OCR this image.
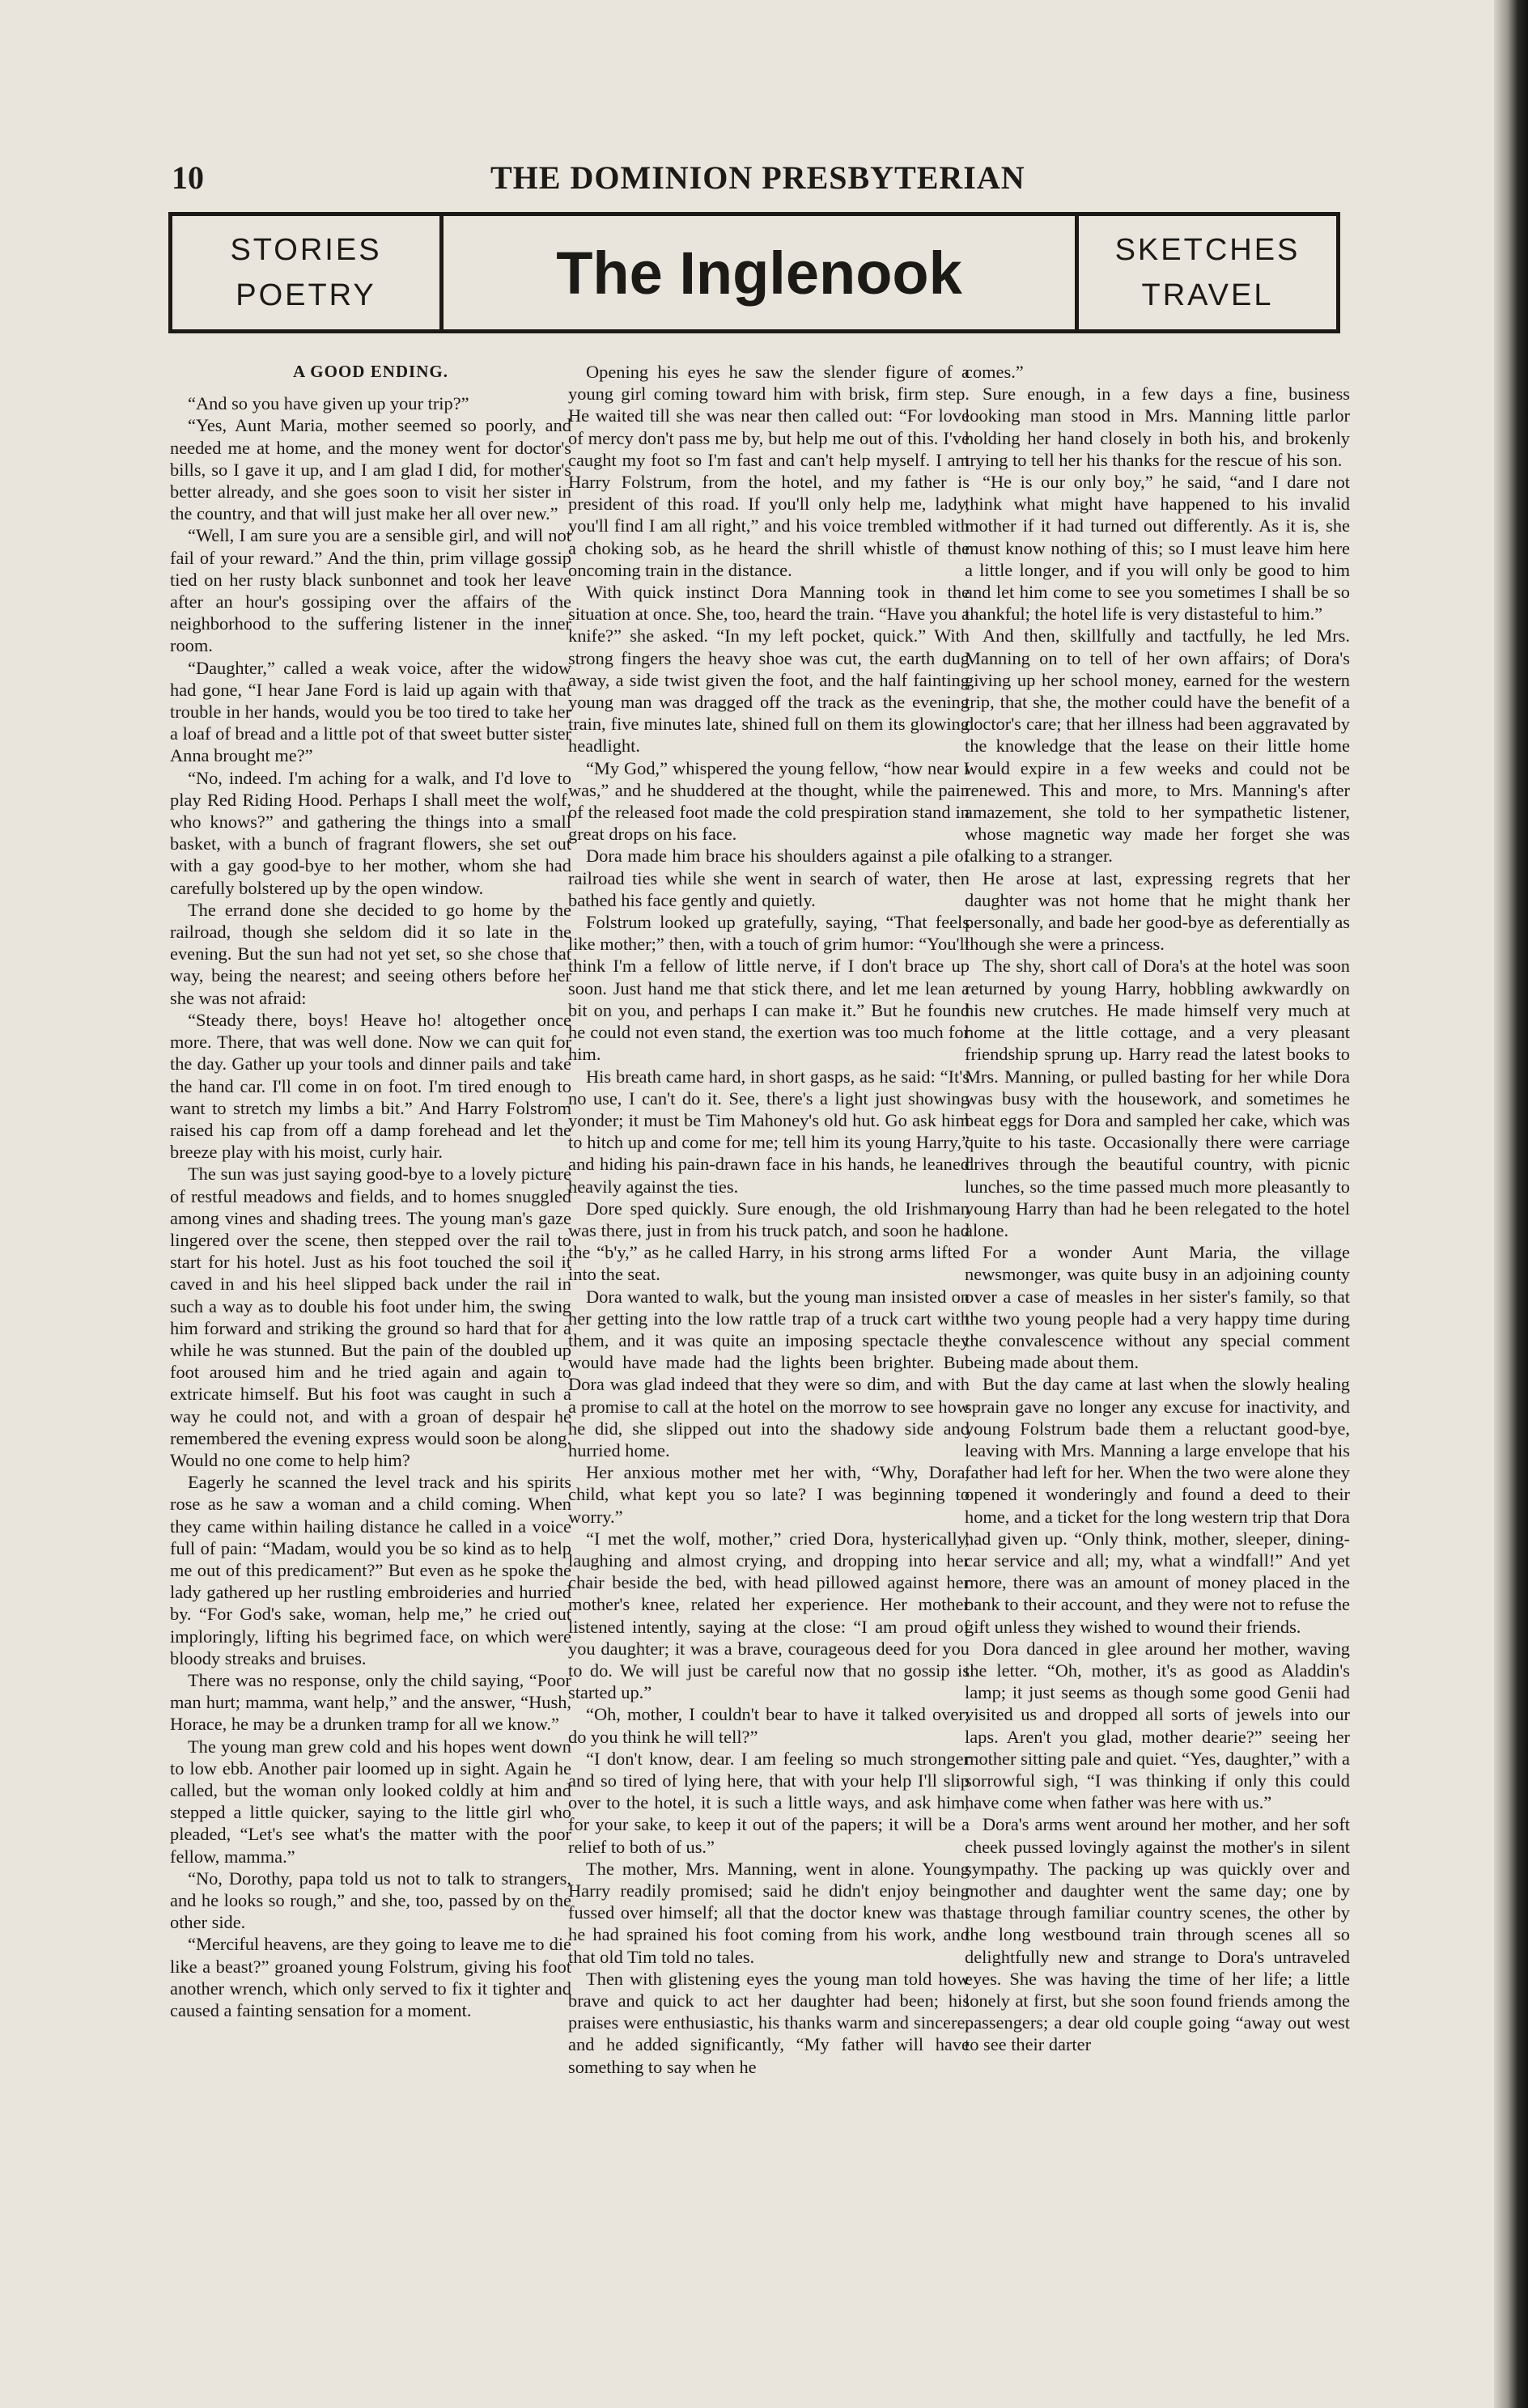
10	THE DOMINION PRESBYTERIAN
STORIES
POETRY	The Inglenook	SKETCHES
TRAVEL

A GOOD ENDING.

“And so you have given up your trip?”

“Yes, Aunt Maria, mother seemed so poorly, and needed me at home, and the money went for doctor's bills, so I gave it up, and I am glad I did, for mother's better already, and she goes soon to visit her sister in the country, and that will just make her all over new.”

“Well, I am sure you are a sensible girl, and will not fail of your reward.” And the thin, prim village gossip tied on her rusty black sunbonnet and took her leave after an hour's gossiping over the affairs of the neighborhood to the suffering listener in the inner room.

“Daughter,” called a weak voice, after the widow had gone, “I hear Jane Ford is laid up again with that trouble in her hands, would you be too tired to take her a loaf of bread and a little pot of that sweet butter sister Anna brought me?”

“No, indeed. I'm aching for a walk, and I'd love to play Red Riding Hood. Perhaps I shall meet the wolf, who knows?” and gathering the things into a small basket, with a bunch of fragrant flowers, she set out with a gay good-bye to her mother, whom she had carefully bolstered up by the open window.

The errand done she decided to go home by the railroad, though she seldom did it so late in the evening. But the sun had not yet set, so she chose that way, being the nearest; and seeing others before her she was not afraid:

“Steady there, boys! Heave ho! altogether once more. There, that was well done. Now we can quit for the day. Gather up your tools and dinner pails and take the hand car. I'll come in on foot. I'm tired enough to want to stretch my limbs a bit.” And Harry Folstrom raised his cap from off a damp forehead and let the breeze play with his moist, curly hair.

The sun was just saying good-bye to a lovely picture of restful meadows and fields, and to homes snuggled among vines and shading trees. The young man's gaze lingered over the scene, then stepped over the rail to start for his hotel. Just as his foot touched the soil it caved in and his heel slipped back under the rail in such a way as to double his foot under him, the swing him forward and striking the ground so hard that for a while he was stunned. But the pain of the doubled up foot aroused him and he tried again and again to extricate himself. But his foot was caught in such a way he could not, and with a groan of despair he remembered the evening express would soon be along. Would no one come to help him?

Eagerly he scanned the level track and his spirits rose as he saw a woman and a child coming. When they came within hailing distance he called in a voice full of pain: “Madam, would you be so kind as to help me out of this predicament?” But even as he spoke the lady gathered up her rustling embroideries and hurried by. “For God's sake, woman, help me,” he cried out imploringly, lifting his begrimed face, on which were bloody streaks and bruises.

There was no response, only the child saying, “Poor man hurt; mamma, want help,” and the answer, “Hush, Horace, he may be a drunken tramp for all we know.”

The young man grew cold and his hopes went down to low ebb. Another pair loomed up in sight. Again he called, but the woman only looked coldly at him and stepped a little quicker, saying to the little girl who pleaded, “Let's see what's the matter with the poor fellow, mamma.”

“No, Dorothy, papa told us not to talk to strangers, and he looks so rough,” and she, too, passed by on the other side.

“Merciful heavens, are they going to leave me to die like a beast?” groaned young Folstrum, giving his foot another wrench, which only served to fix it tighter and caused a fainting sensation for a moment.

Opening his eyes he saw the slender figure of a young girl coming toward him with brisk, firm step. He waited till she was near then called out: “For love of mercy don't pass me by, but help me out of this. I've caught my foot so I'm fast and can't help myself. I am Harry Folstrum, from the hotel, and my father is president of this road. If you'll only help me, lady, you'll find I am all right,” and his voice trembled with a choking sob, as he heard the shrill whistle of the oncoming train in the distance.

With quick instinct Dora Manning took in the situation at once. She, too, heard the train. “Have you a knife?” she asked. “In my left pocket, quick.” With strong fingers the heavy shoe was cut, the earth dug away, a side twist given the foot, and the half fainting young man was dragged off the track as the evening train, five minutes late, shined full on them its glowing headlight.

“My God,” whispered the young fellow, “how near I was,” and he shuddered at the thought, while the pain of the released foot made the cold prespiration stand in great drops on his face.

Dora made him brace his shoulders against a pile of railroad ties while she went in search of water, then bathed his face gently and quietly.

Folstrum looked up gratefully, saying, “That feels like mother;” then, with a touch of grim humor: “You'll think I'm a fellow of little nerve, if I don't brace up soon. Just hand me that stick there, and let me lean a bit on you, and perhaps I can make it.” But he found he could not even stand, the exertion was too much for him.

His breath came hard, in short gasps, as he said: “It's no use, I can't do it. See, there's a light just showing yonder; it must be Tim Mahoney's old hut. Go ask him to hitch up and come for me; tell him its young Harry,” and hiding his pain-drawn face in his hands, he leaned heavily against the ties.

Dore sped quickly. Sure enough, the old Irishman was there, just in from his truck patch, and soon he had the “b'y,” as he called Harry, in his strong arms lifted into the seat.

Dora wanted to walk, but the young man insisted on her getting into the low rattle trap of a truck cart with them, and it was quite an imposing spectacle they would have made had the lights been brighter. But Dora was glad indeed that they were so dim, and with a promise to call at the hotel on the morrow to see how he did, she slipped out into the shadowy side and hurried home.

Her anxious mother met her with, “Why, Dora, child, what kept you so late? I was beginning to worry.”

“I met the wolf, mother,” cried Dora, hysterically, laughing and almost crying, and dropping into her chair beside the bed, with head pillowed against her mother's knee, related her experience. Her mother listened intently, saying at the close: “I am proud of you daughter; it was a brave, courageous deed for you to do. We will just be careful now that no gossip is started up.”

“Oh, mother, I couldn't bear to have it talked over; do you think he will tell?”

“I don't know, dear. I am feeling so much stronger and so tired of lying here, that with your help I'll slip over to the hotel, it is such a little ways, and ask him, for your sake, to keep it out of the papers; it will be a relief to both of us.”

The mother, Mrs. Manning, went in alone. Young Harry readily promised; said he didn't enjoy being fussed over himself; all that the doctor knew was that he had sprained his foot coming from his work, and that old Tim told no tales.

Then with glistening eyes the young man told how brave and quick to act her daughter had been; his praises were enthusiastic, his thanks warm and sincere, and he added significantly, “My father will have something to say when he

comes.”

Sure enough, in a few days a fine, business looking man stood in Mrs. Manning little parlor holding her hand closely in both his, and brokenly trying to tell her his thanks for the rescue of his son.

“He is our only boy,” he said, “and I dare not think what might have happened to his invalid mother if it had turned out differently. As it is, she must know nothing of this; so I must leave him here a little longer, and if you will only be good to him and let him come to see you sometimes I shall be so thankful; the hotel life is very distasteful to him.”

And then, skillfully and tactfully, he led Mrs. Manning on to tell of her own affairs; of Dora's giving up her school money, earned for the western trip, that she, the mother could have the benefit of a doctor's care; that her illness had been aggravated by the knowledge that the lease on their little home would expire in a few weeks and could not be renewed. This and more, to Mrs. Manning's after amazement, she told to her sympathetic listener, whose magnetic way made her forget she was talking to a stranger.

He arose at last, expressing regrets that her daughter was not home that he might thank her personally, and bade her good-bye as deferentially as though she were a princess.

The shy, short call of Dora's at the hotel was soon returned by young Harry, hobbling awkwardly on his new crutches. He made himself very much at home at the little cottage, and a very pleasant friendship sprung up. Harry read the latest books to Mrs. Manning, or pulled basting for her while Dora was busy with the housework, and sometimes he beat eggs for Dora and sampled her cake, which was quite to his taste. Occasionally there were carriage drives through the beautiful country, with picnic lunches, so the time passed much more pleasantly to young Harry than had he been relegated to the hotel alone.

For a wonder Aunt Maria, the village newsmonger, was quite busy in an adjoining county over a case of measles in her sister's family, so that the two young people had a very happy time during the convalescence without any special comment being made about them.

But the day came at last when the slowly healing sprain gave no longer any excuse for inactivity, and young Folstrum bade them a reluctant good-bye, leaving with Mrs. Manning a large envelope that his father had left for her. When the two were alone they opened it wonderingly and found a deed to their home, and a ticket for the long western trip that Dora had given up. “Only think, mother, sleeper, dining-car service and all; my, what a windfall!” And yet more, there was an amount of money placed in the bank to their account, and they were not to refuse the gift unless they wished to wound their friends.

Dora danced in glee around her mother, waving the letter. “Oh, mother, it's as good as Aladdin's lamp; it just seems as though some good Genii had visited us and dropped all sorts of jewels into our laps. Aren't you glad, mother dearie?” seeing her mother sitting pale and quiet. “Yes, daughter,” with a sorrowful sigh, “I was thinking if only this could have come when father was here with us.”

Dora's arms went around her mother, and her soft cheek pussed lovingly against the mother's in silent sympathy. The packing up was quickly over and mother and daughter went the same day; one by stage through familiar country scenes, the other by the long westbound train through scenes all so delightfully new and strange to Dora's untraveled eyes. She was having the time of her life; a little lonely at first, but she soon found friends among the passengers; a dear old couple going “away out west to see their darter
